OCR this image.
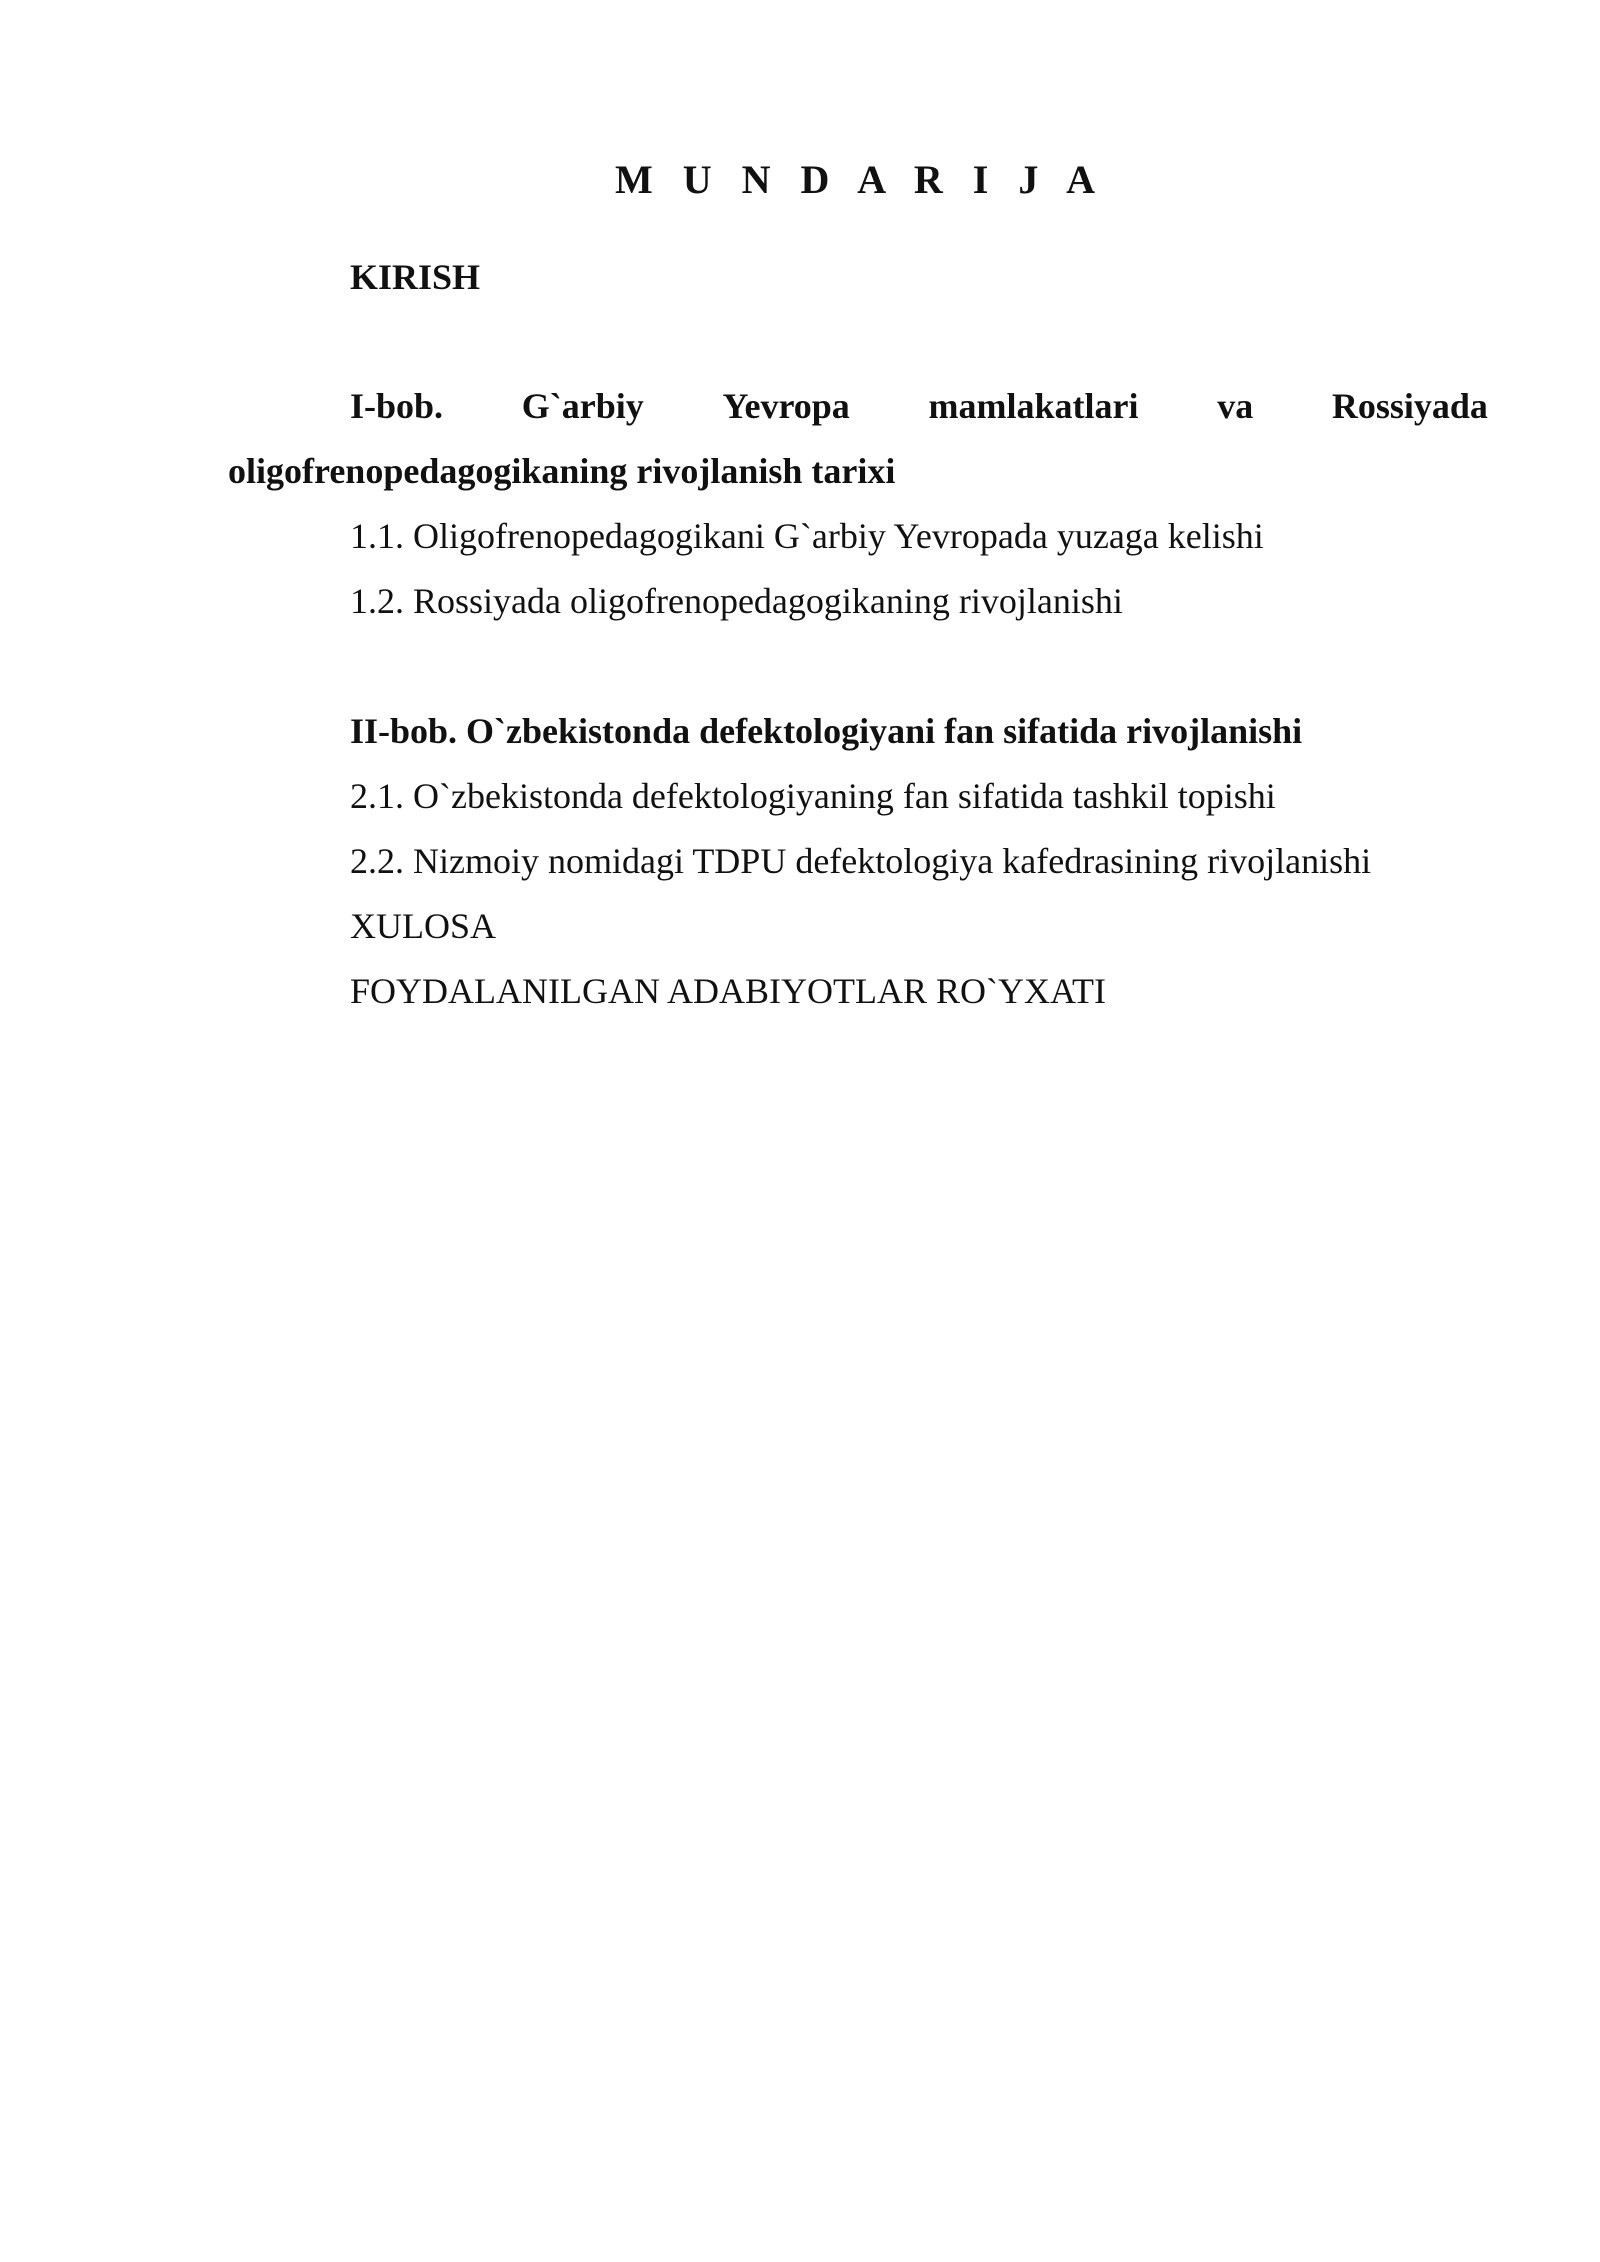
M U N D A R I J A
KIRISH
I-bob. G`arbiy Yevropa mamlakatlari va Rossiyada
oligofrenopedagogikaning rivojlanish tarixi
1.1. Oligofrenopedagogikani G`arbiy Yevropada yuzaga kelishi
1.2. Rossiyada oligofrenopedagogikaning rivojlanishi
II-bob. O`zbekistonda defektologiyani fan sifatida rivojlanishi
2.1. O`zbekistonda defektologiyaning fan sifatida tashkil topishi
2.2. Nizmoiy nomidagi TDPU defektologiya kafedrasining rivojlanishi
XULOSA
FOYDALANILGAN ADABIYOTLAR RO`YXATI
